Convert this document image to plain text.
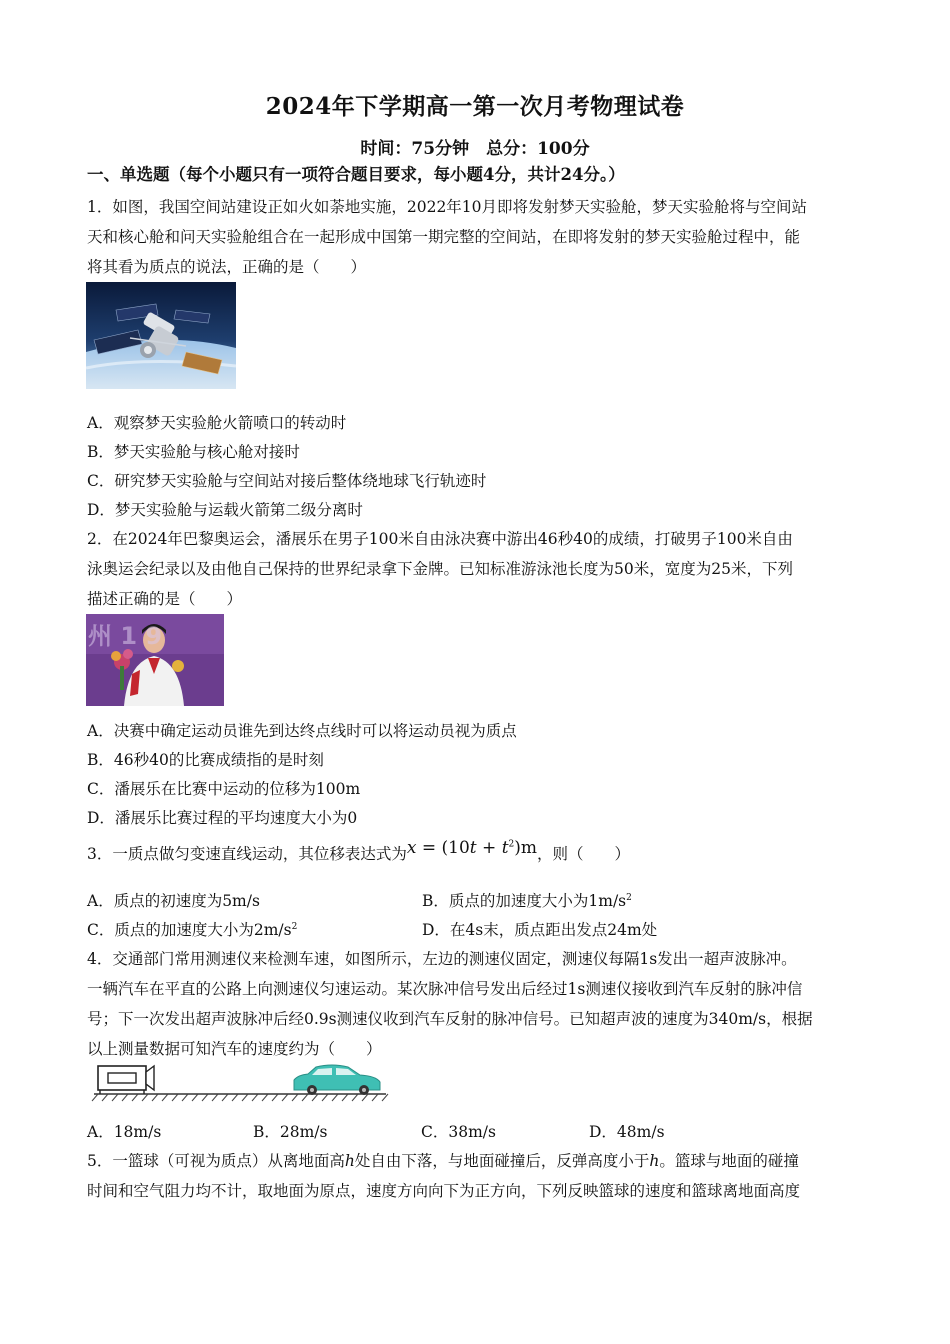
2024年下学期高一第一次月考物理试卷
时间：75分钟　总分：100分
一、单选题（每个小题只有一项符合题目要求，每小题4分，共计24分。）
1．如图，我国空间站建设正如火如荼地实施，2022年10月即将发射梦天实验舱，梦天实验舱将与空间站
天和核心舱和问天实验舱组合在一起形成中国第一期完整的空间站，在即将发射的梦天实验舱过程中，能
将其看为质点的说法，正确的是（　　）
A．观察梦天实验舱火箭喷口的转动时
B．梦天实验舱与核心舱对接时
C．研究梦天实验舱与空间站对接后整体绕地球飞行轨迹时
D．梦天实验舱与运载火箭第二级分离时
2．在2024年巴黎奥运会，潘展乐在男子100米自由泳决赛中游出46秒40的成绩，打破男子100米自由
泳奥运会纪录以及由他自己保持的世界纪录拿下金牌。已知标准游泳池长度为50米，宽度为25米，下列
描述正确的是（　　）
州 1 9
A．决赛中确定运动员谁先到达终点线时可以将运动员视为质点
B．46秒40的比赛成绩指的是时刻
C．潘展乐在比赛中运动的位移为100m
D．潘展乐比赛过程的平均速度大小为0
3．一质点做匀变速直线运动，其位移表达式为$x = (10t + t^2)m$，则（　　）
A．质点的初速度为5m/s	B．质点的加速度大小为$1m/s^2$
C．质点的加速度大小为$2m/s^2$	D．在4s末，质点距出发点24m处
4．交通部门常用测速仪来检测车速，如图所示，左边的测速仪固定，测速仪每隔1s发出一超声波脉冲。
一辆汽车在平直的公路上向测速仪匀速运动。某次脉冲信号发出后经过1s测速仪接收到汽车反射的脉冲信
号；下一次发出超声波脉冲后经0.9s测速仪收到汽车反射的脉冲信号。已知超声波的速度为340m/s，根据
以上测量数据可知汽车的速度约为（　　）
A．18m/s	B．28m/s	C．38m/s	D．48m/s
5．一篮球（可视为质点）从离地面高h处自由下落，与地面碰撞后，反弹高度小于h。篮球与地面的碰撞
时间和空气阻力均不计，取地面为原点，速度方向向下为正方向，下列反映篮球的速度和篮球离地面高度
